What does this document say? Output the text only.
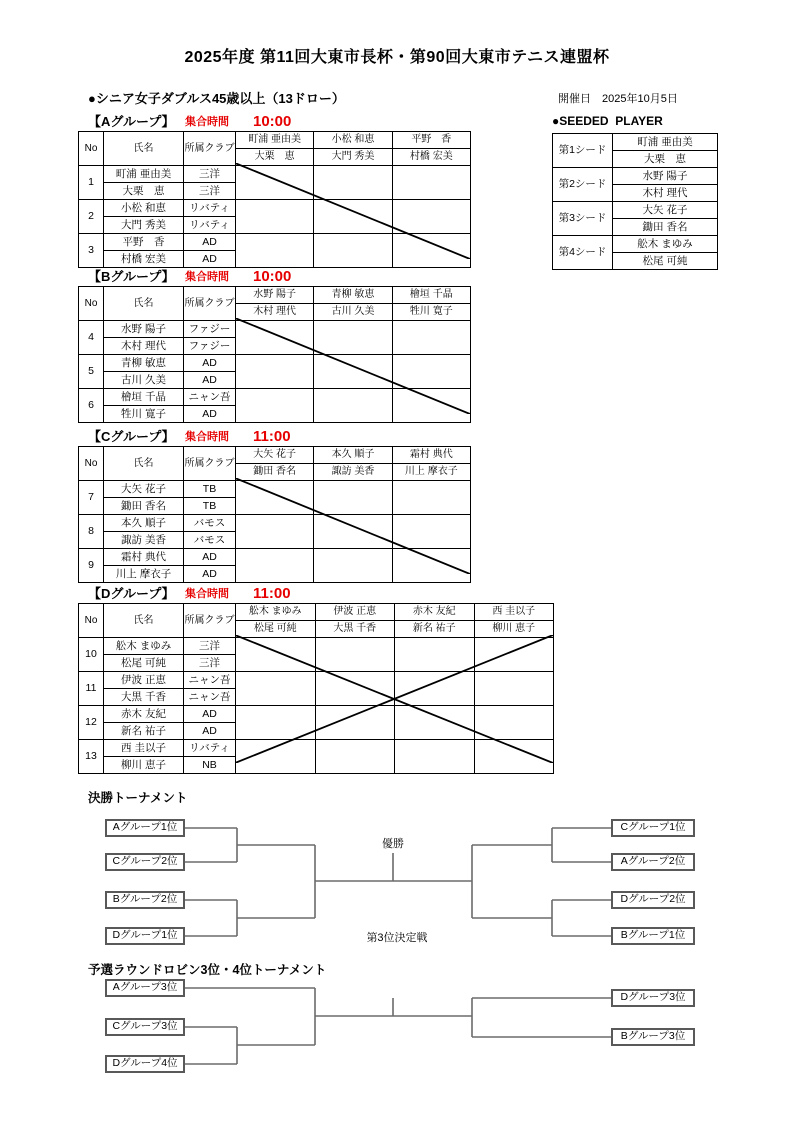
2025年度 第11回大東市長杯・第90回大東市テニス連盟杯
●シニア女子ダブルス45歳以上（13ドロー）	開催日　2025年10月5日
●SEEDED  PLAYER
決勝トーナメント
予選ラウンドロビン3位・4位トーナメント
優勝
第3位決定戦
【Aグループ】 集合時間 10:00
No	氏名	所属クラブ	町浦 亜由美	小松 和恵	平野　香
			大栗　恵	大門 秀美	村橋 宏美
1	町浦 亜由美	三洋			
	大栗　恵	三洋			
2	小松 和恵	リバティ			
	大門 秀美	リバティ			
3	平野　香	AD			
	村橋 宏美	AD			
【Bグループ】 集合時間 10:00
No	氏名	所属クラブ	水野 陽子	青柳 敏恵	檜垣 千晶
			木村 理代	古川 久美	牲川 寛子
4	水野 陽子	ファジー			
	木村 理代	ファジー			
5	青柳 敏恵	AD			
	古川 久美	AD			
6	檜垣 千晶	ニャン吾			
	牲川 寛子	AD			
【Cグループ】 集合時間 11:00
No	氏名	所属クラブ	大矢 花子	本久 順子	霜村 典代
			鋤田 香名	諏訪 美香	川上 摩衣子
7	大矢 花子	TB			
	鋤田 香名	TB			
8	本久 順子	バモス			
	諏訪 美香	バモス			
9	霜村 典代	AD			
	川上 摩衣子	AD			
【Dグループ】 集合時間 11:00
No	氏名	所属クラブ	舩木 まゆみ	伊波 正恵	赤木 友紀	西 圭以子
			松尾 可純	大黒 千香	新名 祐子	柳川 恵子
10	舩木 まゆみ	三洋				
	松尾 可純	三洋				
11	伊波 正恵	ニャン吾				
	大黒 千香	ニャン吾				
12	赤木 友紀	AD				
	新名 祐子	AD				
13	西 圭以子	リバティ				
	柳川 恵子	NB				
第1シード	町浦 亜由美
	大栗　恵
第2シード	水野 陽子
	木村 理代
第3シード	大矢 花子
	鋤田 香名
第4シード	舩木 まゆみ
	松尾 可純
Aグループ1位
Cグループ2位
Bグループ2位
Dグループ1位
Cグループ1位
Aグループ2位
Dグループ2位
Bグループ1位
Aグループ3位
Cグループ3位
Dグループ4位
Dグループ3位
Bグループ3位
